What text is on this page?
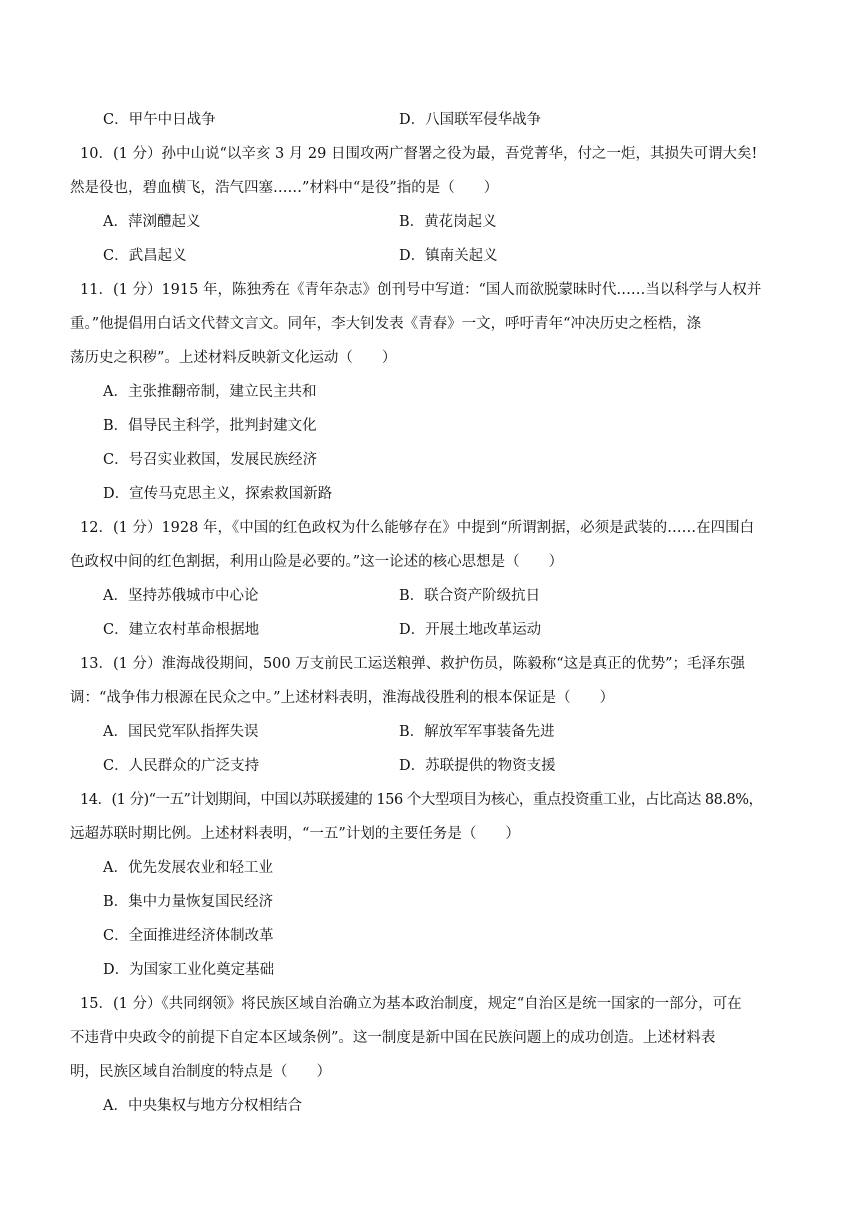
C．甲午中日战争	D．八国联军侵华战争
10．(1 分）孙中山说“以辛亥 3 月 29 日围攻两广督署之役为最，吾党菁华，付之一炬，其损失可谓大矣!
然是役也，碧血横飞，浩气四塞……”材料中“是役”指的是（　　）
A．萍浏醴起义	B．黄花岗起义
C．武昌起义	D．镇南关起义
11．(1 分）1915 年，陈独秀在《青年杂志》创刊号中写道：“国人而欲脱蒙昧时代……当以科学与人权并
重。”他提倡用白话文代替文言文。同年，李大钊发表《青春》一文，呼吁青年“冲决历史之桎梏，涤
荡历史之积秽”。上述材料反映新文化运动（　　）
A．主张推翻帝制，建立民主共和
B．倡导民主科学，批判封建文化
C．号召实业救国，发展民族经济
D．宣传马克思主义，探索救国新路
12．(1 分）1928 年，《中国的红色政权为什么能够存在》中提到“所谓割据，必须是武装的……在四围白
色政权中间的红色割据，利用山险是必要的。”这一论述的核心思想是（　　）
A．坚持苏俄城市中心论	B．联合资产阶级抗日
C．建立农村革命根据地	D．开展土地改革运动
13．(1 分）淮海战役期间，500 万支前民工运送粮弹、救护伤员，陈毅称“这是真正的优势”；毛泽东强
调：“战争伟力根源在民众之中。”上述材料表明，淮海战役胜利的根本保证是（　　）
A．国民党军队指挥失误	B．解放军军事装备先进
C．人民群众的广泛支持	D．苏联提供的物资支援
14．(1 分)“一五”计划期间，中国以苏联援建的 156 个大型项目为核心，重点投资重工业，占比高达 88.8%，
远超苏联时期比例。上述材料表明，“一五”计划的主要任务是（　　）
A．优先发展农业和轻工业
B．集中力量恢复国民经济
C．全面推进经济体制改革
D．为国家工业化奠定基础
15．(1 分）《共同纲领》将民族区域自治确立为基本政治制度，规定“自治区是统一国家的一部分，可在
不违背中央政令的前提下自定本区域条例”。这一制度是新中国在民族问题上的成功创造。上述材料表
明，民族区域自治制度的特点是（　　）
A．中央集权与地方分权相结合
